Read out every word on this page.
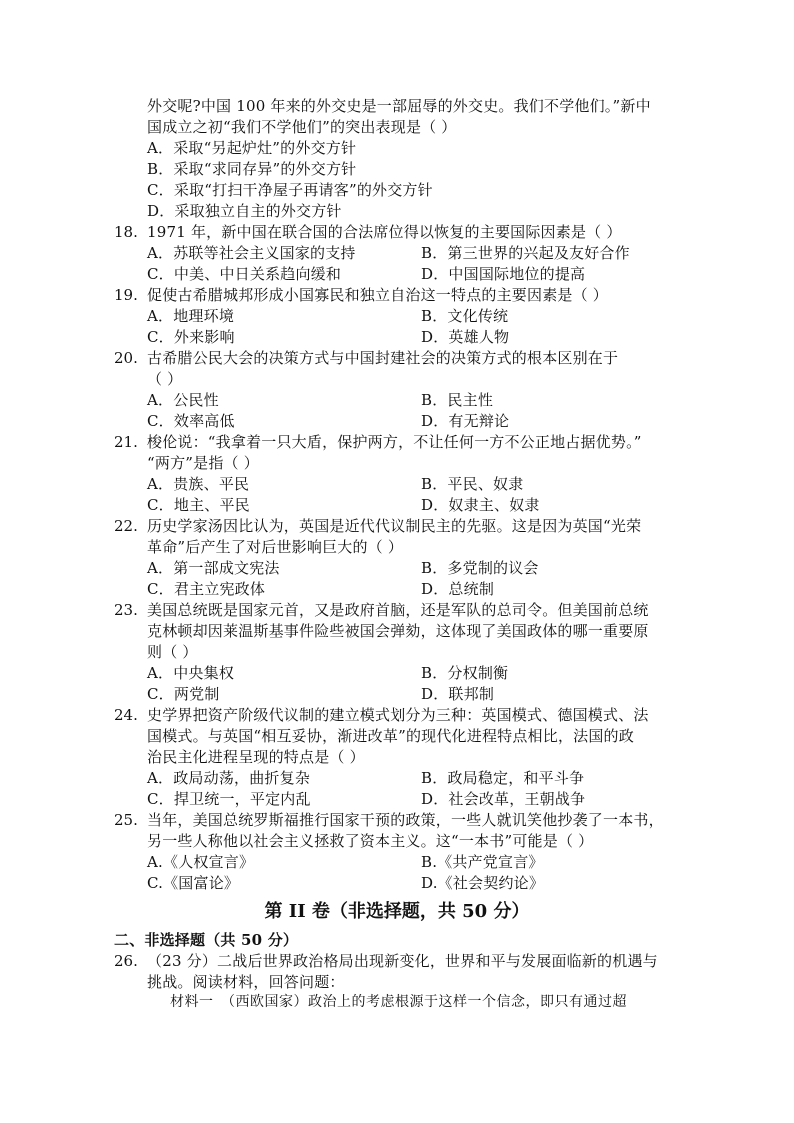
外交呢?中国 100 年来的外交史是一部屈辱的外交史。我们不学他们。”新中
国成立之初“我们不学他们”的突出表现是（ ）
A．采取“另起炉灶”的外交方针
B．采取“求同存异”的外交方针
C．采取“打扫干净屋子再请客”的外交方针
D．采取独立自主的外交方针
18. 1971 年，新中国在联合国的合法席位得以恢复的主要国际因素是（ ）
A．苏联等社会主义国家的支持	B．第三世界的兴起及友好合作
C．中美、中日关系趋向缓和	D．中国国际地位的提高
19. 促使古希腊城邦形成小国寡民和独立自治这一特点的主要因素是（ ）
A．地理环境	B．文化传统
C．外来影响	D．英雄人物
20. 古希腊公民大会的决策方式与中国封建社会的决策方式的根本区别在于
（ ）
A．公民性	B．民主性
C．效率高低	D．有无辩论
21. 梭伦说：“我拿着一只大盾，保护两方，不让任何一方不公正地占据优势。”
“两方”是指（ ）
A．贵族、平民	B．平民、奴隶
C．地主、平民	D．奴隶主、奴隶
22. 历史学家汤因比认为，英国是近代代议制民主的先驱。这是因为英国“光荣
革命”后产生了对后世影响巨大的（ ）
A．第一部成文宪法	B．多党制的议会
C．君主立宪政体	D．总统制
23. 美国总统既是国家元首，又是政府首脑，还是军队的总司令。但美国前总统
克林顿却因莱温斯基事件险些被国会弹劾，这体现了美国政体的哪一重要原
则（ ）
A．中央集权	B．分权制衡
C．两党制	D．联邦制
24. 史学界把资产阶级代议制的建立模式划分为三种：英国模式、德国模式、法
国模式。与英国“相互妥协，渐进改革”的现代化进程特点相比，法国的政
治民主化进程呈现的特点是（ ）
A．政局动荡，曲折复杂	B．政局稳定，和平斗争
C．捍卫统一，平定内乱	D．社会改革，王朝战争
25. 当年，美国总统罗斯福推行国家干预的政策，一些人就讥笑他抄袭了一本书，
另一些人称他以社会主义拯救了资本主义。这“一本书”可能是（ ）
A.《人权宣言》	B.《共产党宣言》
C.《国富论》	D.《社会契约论》
第 II 卷（非选择题，共 50 分）
二、非选择题（共 50 分）
26. （23 分）二战后世界政治格局出现新变化，世界和平与发展面临新的机遇与
挑战。阅读材料，回答问题：
材料一　（西欧国家）政治上的考虑根源于这样一个信念，即只有通过超
